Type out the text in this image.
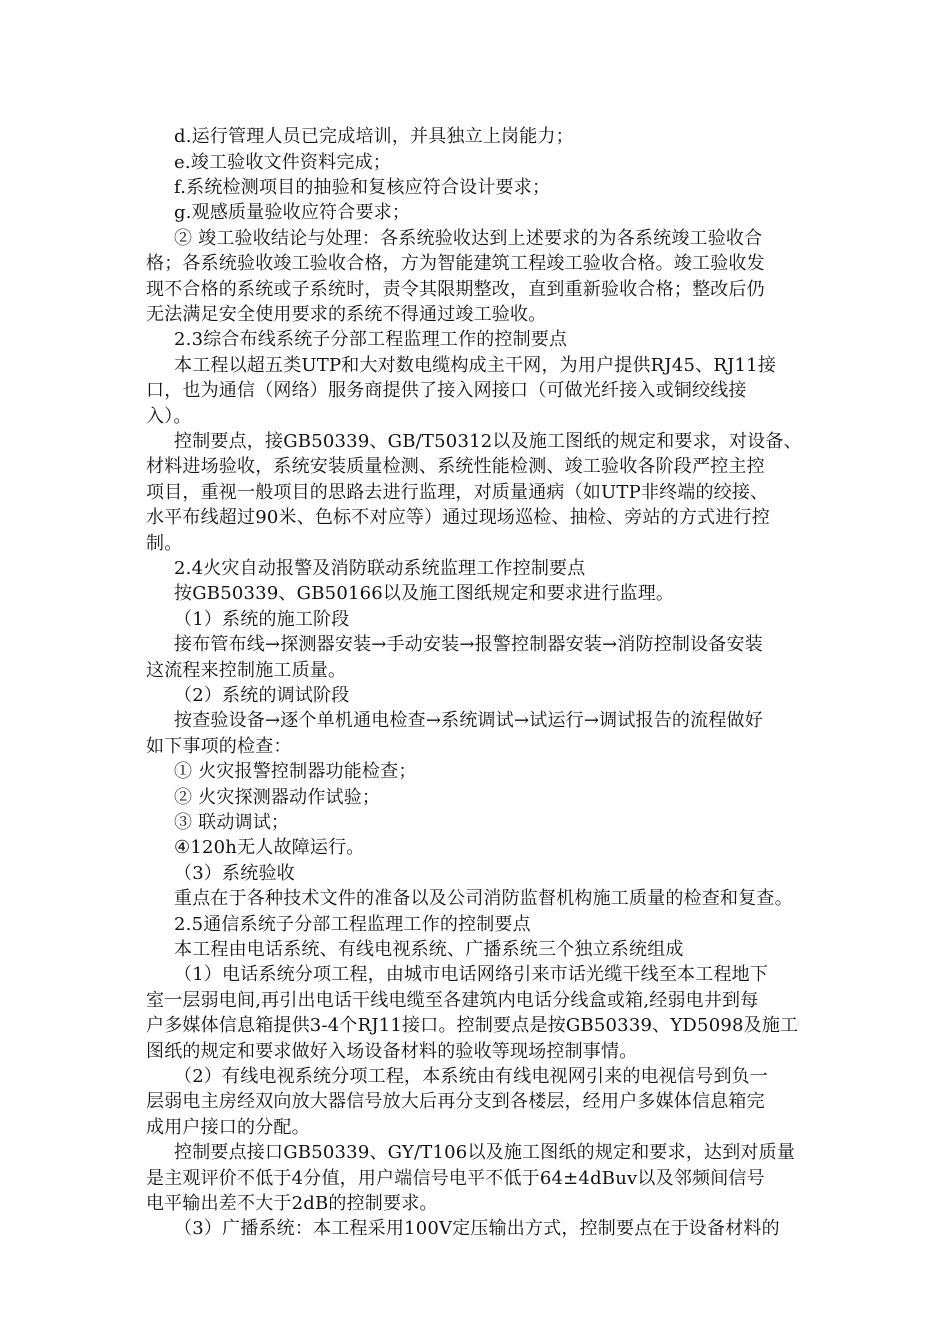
d.运行管理人员已完成培训，并具独立上岗能力；
e.竣工验收文件资料完成；
f.系统检测项目的抽验和复核应符合设计要求；
g.观感质量验收应符合要求；
② 竣工验收结论与处理：各系统验收达到上述要求的为各系统竣工验收合
格；各系统验收竣工验收合格，方为智能建筑工程竣工验收合格。竣工验收发
现不合格的系统或子系统时，责令其限期整改，直到重新验收合格；整改后仍
无法满足安全使用要求的系统不得通过竣工验收。
2.3综合布线系统子分部工程监理工作的控制要点
本工程以超五类UTP和大对数电缆构成主干网，为用户提供RJ45、RJ11接
口，也为通信（网络）服务商提供了接入网接口（可做光纤接入或铜绞线接
入）。
控制要点，接GB50339、GB/T50312以及施工图纸的规定和要求，对设备、
材料进场验收，系统安装质量检测、系统性能检测、竣工验收各阶段严控主控
项目，重视一般项目的思路去进行监理，对质量通病（如UTP非终端的绞接、
水平布线超过90米、色标不对应等）通过现场巡检、抽检、旁站的方式进行控
制。
2.4火灾自动报警及消防联动系统监理工作控制要点
按GB50339、GB50166以及施工图纸规定和要求进行监理。
（1）系统的施工阶段
接布管布线→探测器安装→手动安装→报警控制器安装→消防控制设备安装
这流程来控制施工质量。
（2）系统的调试阶段
按查验设备→逐个单机通电检查→系统调试→试运行→调试报告的流程做好
如下事项的检查：
① 火灾报警控制器功能检查；
② 火灾探测器动作试验；
③ 联动调试；
④120h无人故障运行。
（3）系统验收
重点在于各种技术文件的准备以及公司消防监督机构施工质量的检查和复查。
2.5通信系统子分部工程监理工作的控制要点
本工程由电话系统、有线电视系统、广播系统三个独立系统组成
（1）电话系统分项工程，由城市电话网络引来市话光缆干线至本工程地下
室一层弱电间,再引出电话干线电缆至各建筑内电话分线盒或箱,经弱电井到每
户多媒体信息箱提供3-4个RJ11接口。控制要点是按GB50339、YD5098及施工
图纸的规定和要求做好入场设备材料的验收等现场控制事情。
（2）有线电视系统分项工程，本系统由有线电视网引来的电视信号到负一
层弱电主房经双向放大器信号放大后再分支到各楼层，经用户多媒体信息箱完
成用户接口的分配。
控制要点接口GB50339、GY/T106以及施工图纸的规定和要求，达到对质量
是主观评价不低于4分值，用户端信号电平不低于64±4dBuv以及邻频间信号
电平输出差不大于2dB的控制要求。
（3）广播系统：本工程采用100V定压输出方式，控制要点在于设备材料的
